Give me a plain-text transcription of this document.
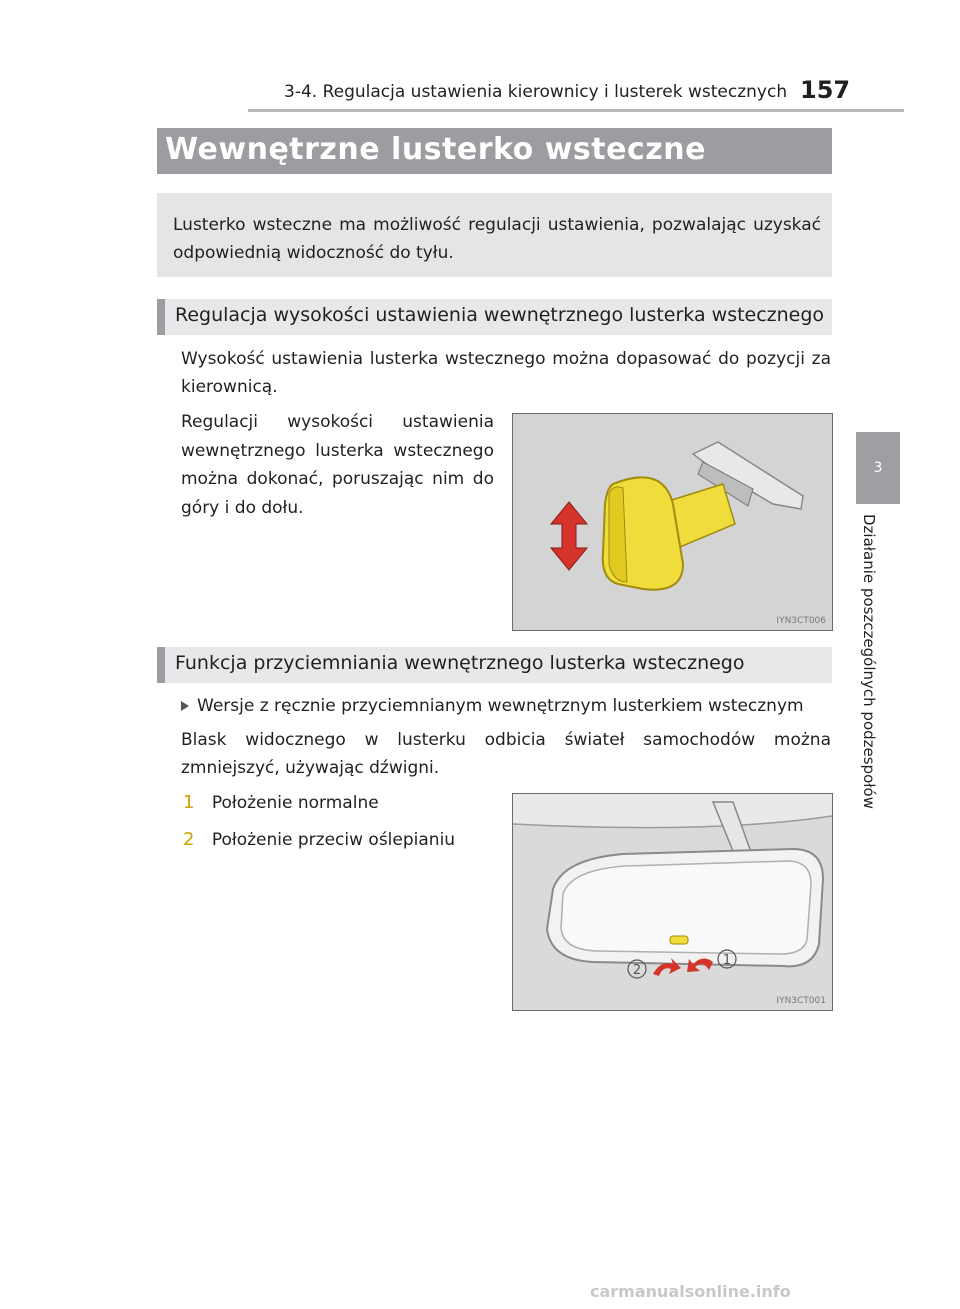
3-4. Regulacja ustawienia kierownicy i lusterek wstecznych 157
3
Działanie poszczególnych podzespołów
Wewnętrzne lusterko wsteczne
Lusterko wsteczne ma możliwość regulacji ustawienia, pozwalając uzyskać odpowiednią widoczność do tyłu.
Regulacja wysokości ustawienia wewnętrznego lusterka wstecznego
Wysokość ustawienia lusterka wstecznego można dopasować do pozycji za kierownicą.
Regulacji wysokości ustawienia wewnętrznego lusterka wstecznego można dokonać, poruszając nim do góry i do dołu.
IYN3CT006
Funkcja przyciemniania wewnętrznego lusterka wstecznego
Wersje z ręcznie przyciemnianym wewnętrznym lusterkiem wstecznym
Blask widocznego w lusterku odbicia świateł samochodów można zmniejszyć, używając dźwigni.
1 Położenie normalne
2 Położenie przeciw oślepianiu
2
1
IYN3CT001
carmanualsonline.info
